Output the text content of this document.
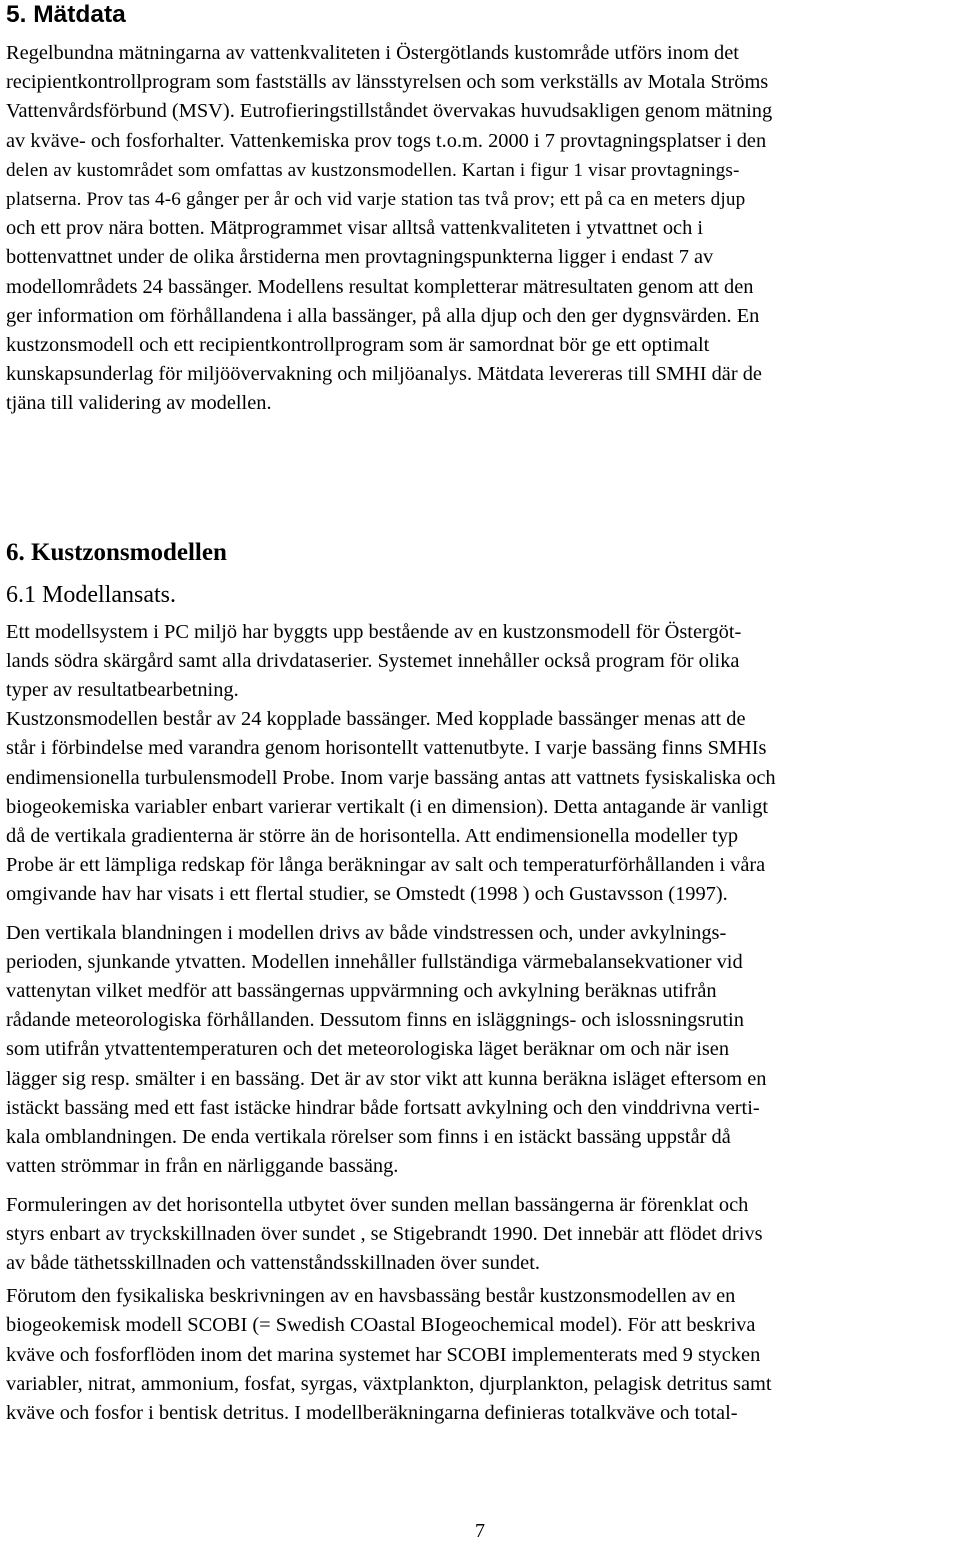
5. Mätdata

Regelbundna mätningarna av vattenkvaliteten i Östergötlands kustområde utförs inom det

recipientkontrollprogram som fastställs av länsstyrelsen och som verkställs av Motala Ströms

Vattenvårdsförbund (MSV). Eutrofieringstillståndet övervakas huvudsakligen genom mätning

av kväve- och fosforhalter. Vattenkemiska prov togs t.o.m. 2000 i 7 provtagningsplatser i den

delen av kustområdet som omfattas av kustzonsmodellen. Kartan i figur 1 visar provtagnings-

platserna. Prov tas 4-6 gånger per år och vid varje station tas två prov; ett på ca en meters djup

och ett prov nära botten. Mätprogrammet visar alltså vattenkvaliteten i ytvattnet och i

bottenvattnet under de olika årstiderna men provtagningspunkterna ligger i endast 7 av

modellområdets 24 bassänger. Modellens resultat kompletterar mätresultaten genom att den

ger information om förhållandena i alla bassänger, på alla djup och den ger dygnsvärden. En

kustzonsmodell och ett recipientkontrollprogram som är samordnat bör ge ett optimalt

kunskapsunderlag för miljöövervakning och miljöanalys. Mätdata levereras till SMHI där de

tjäna till validering av modellen.

6. Kustzonsmodellen
6.1 Modellansats.

Ett modellsystem i PC miljö har byggts upp bestående av en kustzonsmodell för Östergöt-

lands södra skärgård samt alla drivdataserier. Systemet innehåller också program för olika

typer av resultatbearbetning.

Kustzonsmodellen består av 24 kopplade bassänger. Med kopplade bassänger menas att de

står i förbindelse med varandra genom horisontellt vattenutbyte. I varje bassäng finns SMHIs

endimensionella turbulensmodell Probe. Inom varje bassäng antas att vattnets fysiskaliska och

biogeokemiska variabler enbart varierar vertikalt (i en dimension). Detta antagande är vanligt

då de vertikala gradienterna är större än de horisontella. Att endimensionella modeller typ

Probe är ett lämpliga redskap för långa beräkningar av salt och temperaturförhållanden i våra

omgivande hav har visats i ett flertal studier, se Omstedt (1998 ) och Gustavsson (1997).

Den vertikala blandningen i modellen drivs av både vindstressen och, under avkylnings-

perioden, sjunkande ytvatten. Modellen innehåller fullständiga värmebalansekvationer vid

vattenytan vilket medför att bassängernas uppvärmning och avkylning beräknas utifrån

rådande meteorologiska förhållanden. Dessutom finns en isläggnings- och islossningsrutin

som utifrån ytvattentemperaturen och det meteorologiska läget beräknar om och när isen

lägger sig resp. smälter i en bassäng. Det är av stor vikt att kunna beräkna isläget eftersom en

istäckt bassäng med ett fast istäcke hindrar både fortsatt avkylning och den vinddrivna verti-

kala omblandningen. De enda vertikala rörelser som finns i en istäckt bassäng uppstår då

vatten strömmar in från en närliggande bassäng.

Formuleringen av det horisontella utbytet över sunden mellan bassängerna är förenklat och

styrs enbart av tryckskillnaden över sundet , se Stigebrandt 1990. Det innebär att flödet drivs

av både täthetsskillnaden och vattenståndsskillnaden över sundet.

Förutom den fysikaliska beskrivningen av en havsbassäng består kustzonsmodellen av en

biogeokemisk modell SCOBI (= Swedish COastal BIogeochemical model). För att beskriva

kväve och fosforflöden inom det marina systemet har SCOBI implementerats med 9 stycken

variabler, nitrat, ammonium, fosfat, syrgas, växtplankton, djurplankton, pelagisk detritus samt

kväve och fosfor i bentisk detritus. I modellberäkningarna definieras totalkväve och total-

7
